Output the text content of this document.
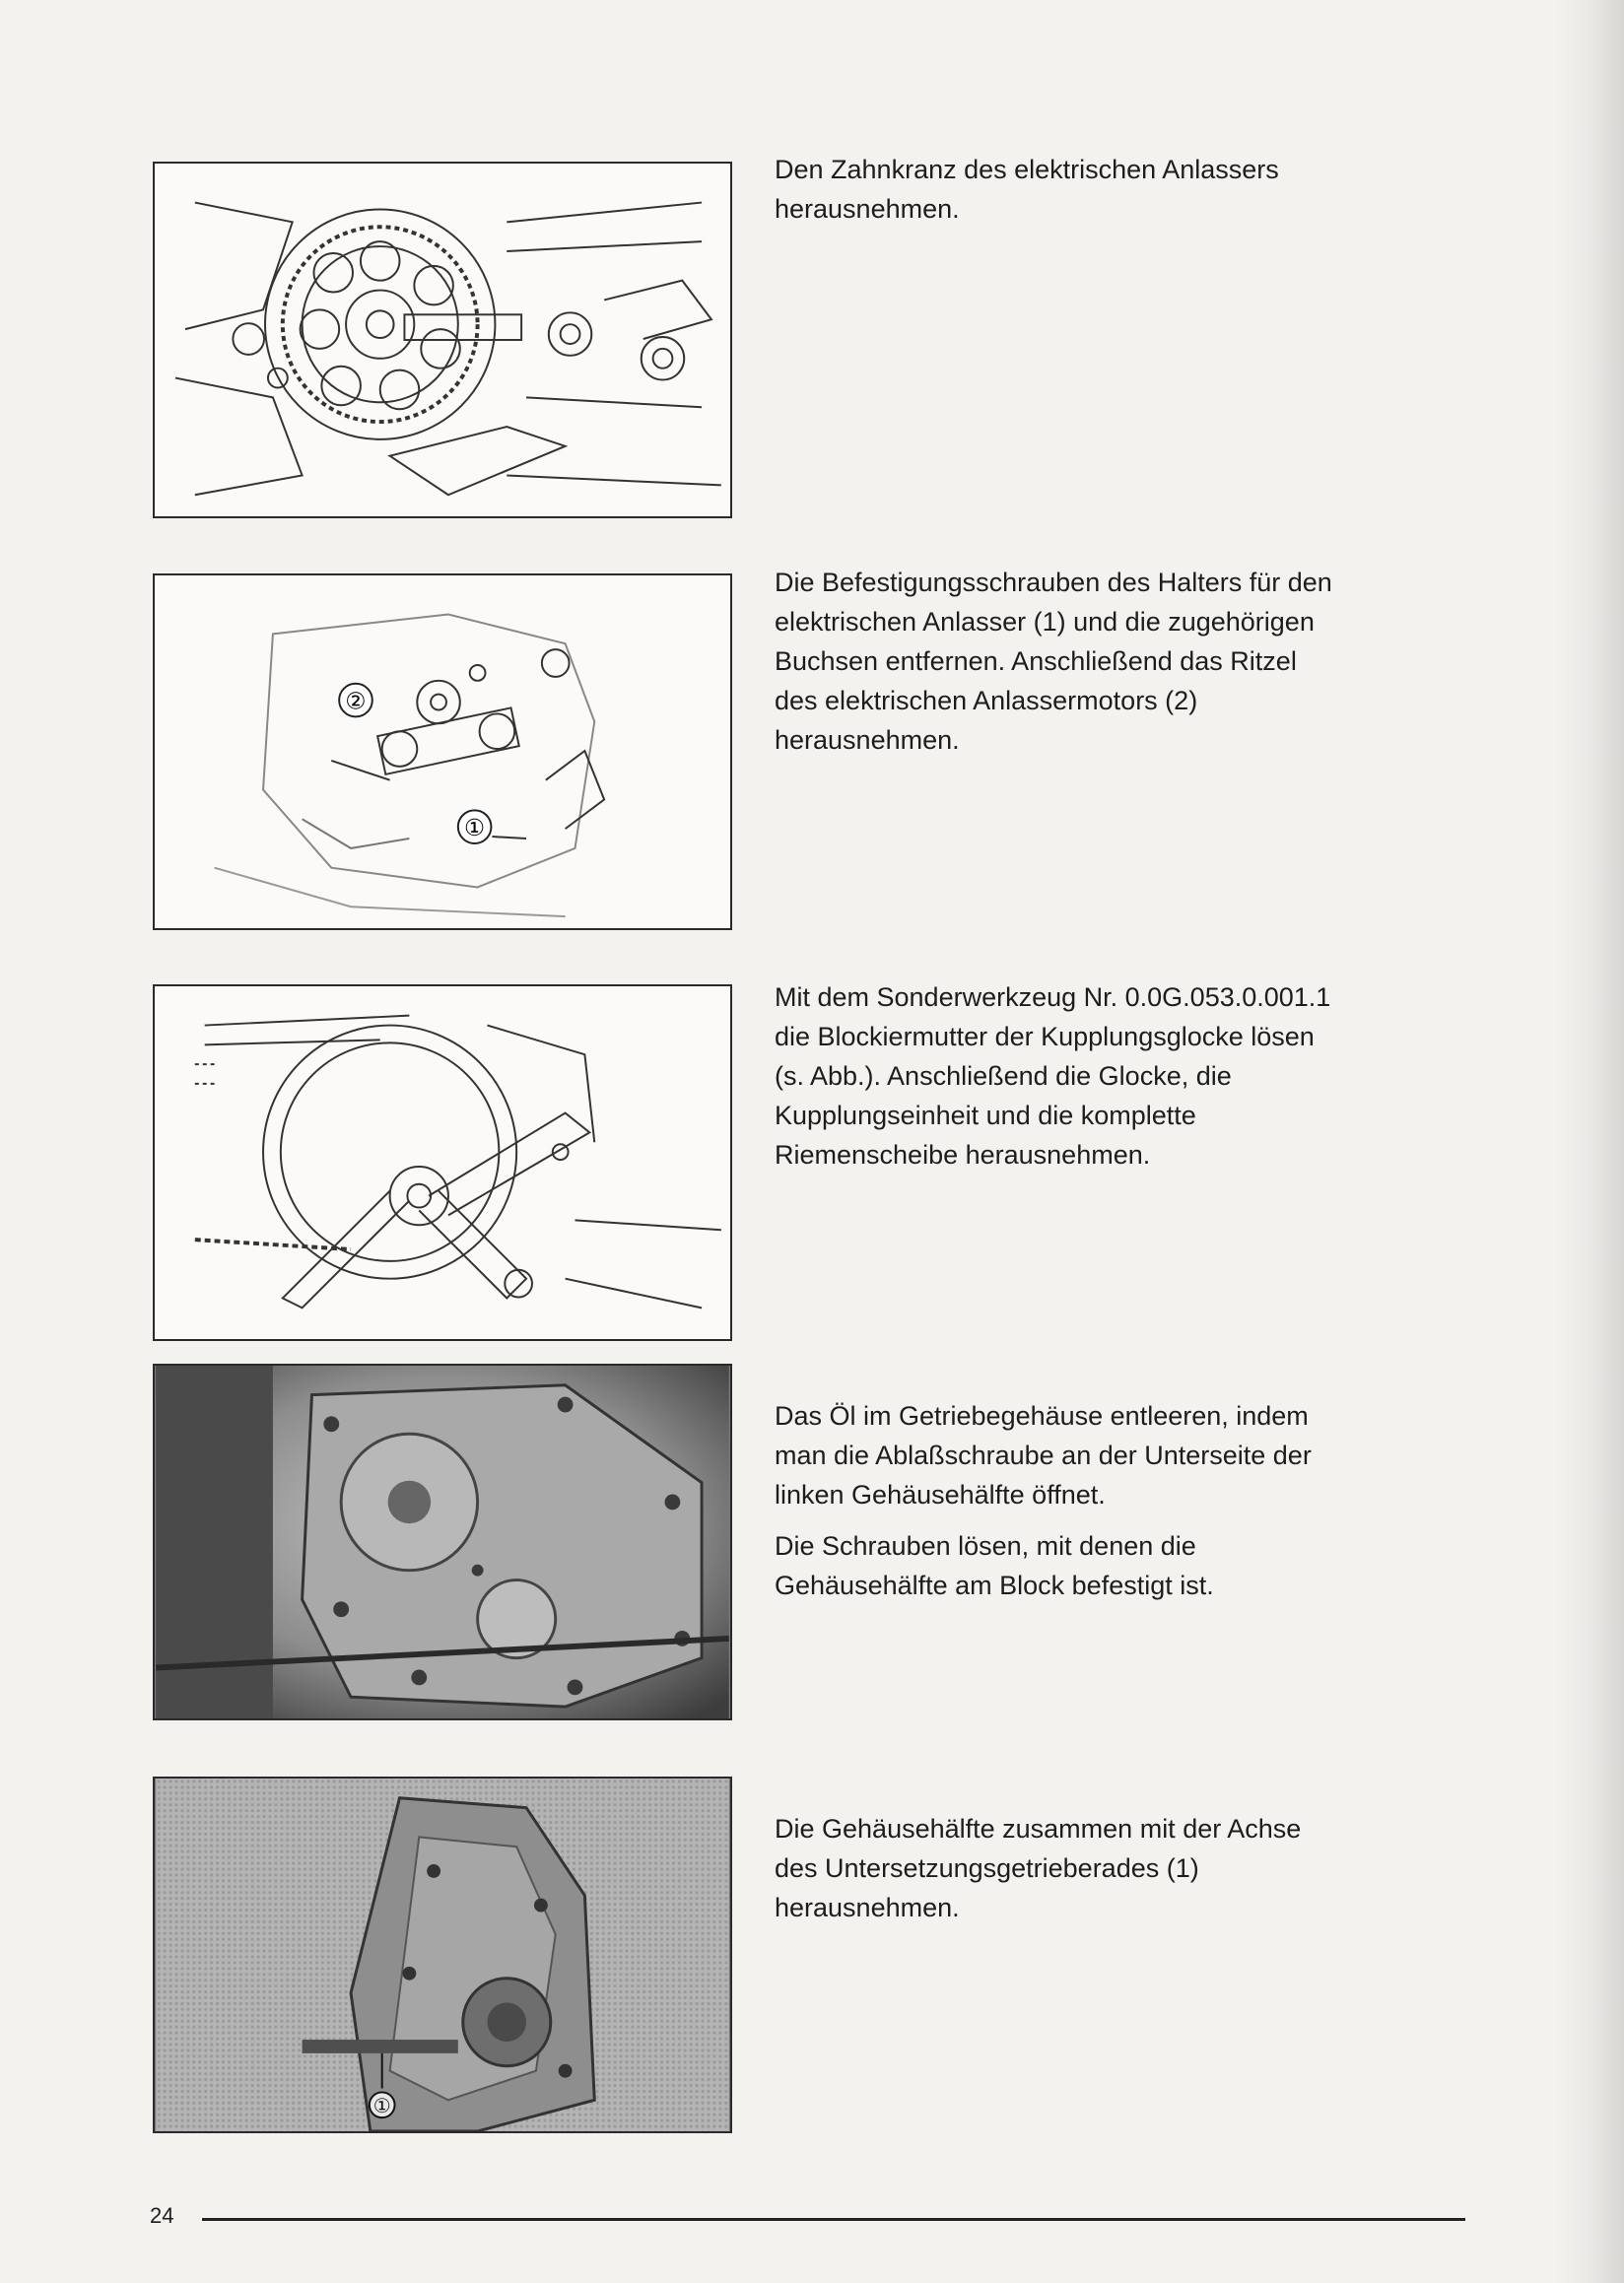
Den Zahnkranz des elektrischen Anlassers
herausnehmen.

②
①

Die Befestigungsschrauben des Halters für den
elektrischen Anlasser (1) und die zugehörigen
Buchsen entfernen. Anschließend das Ritzel
des elektrischen Anlassermotors (2)
herausnehmen.

Mit dem Sonderwerkzeug Nr. 0.0G.053.0.001.1
die Blockiermutter der Kupplungsglocke lösen
(s. Abb.). Anschließend die Glocke, die
Kupplungseinheit und die komplette
Riemenscheibe herausnehmen.

Das Öl im Getriebegehäuse entleeren, indem
man die Ablaßschraube an der Unterseite der
linken Gehäusehälfte öffnet.

Die Schrauben lösen, mit denen die
Gehäusehälfte am Block befestigt ist.

①

Die Gehäusehälfte zusammen mit der Achse
des Untersetzungsgetrieberades (1)
herausnehmen.

24
